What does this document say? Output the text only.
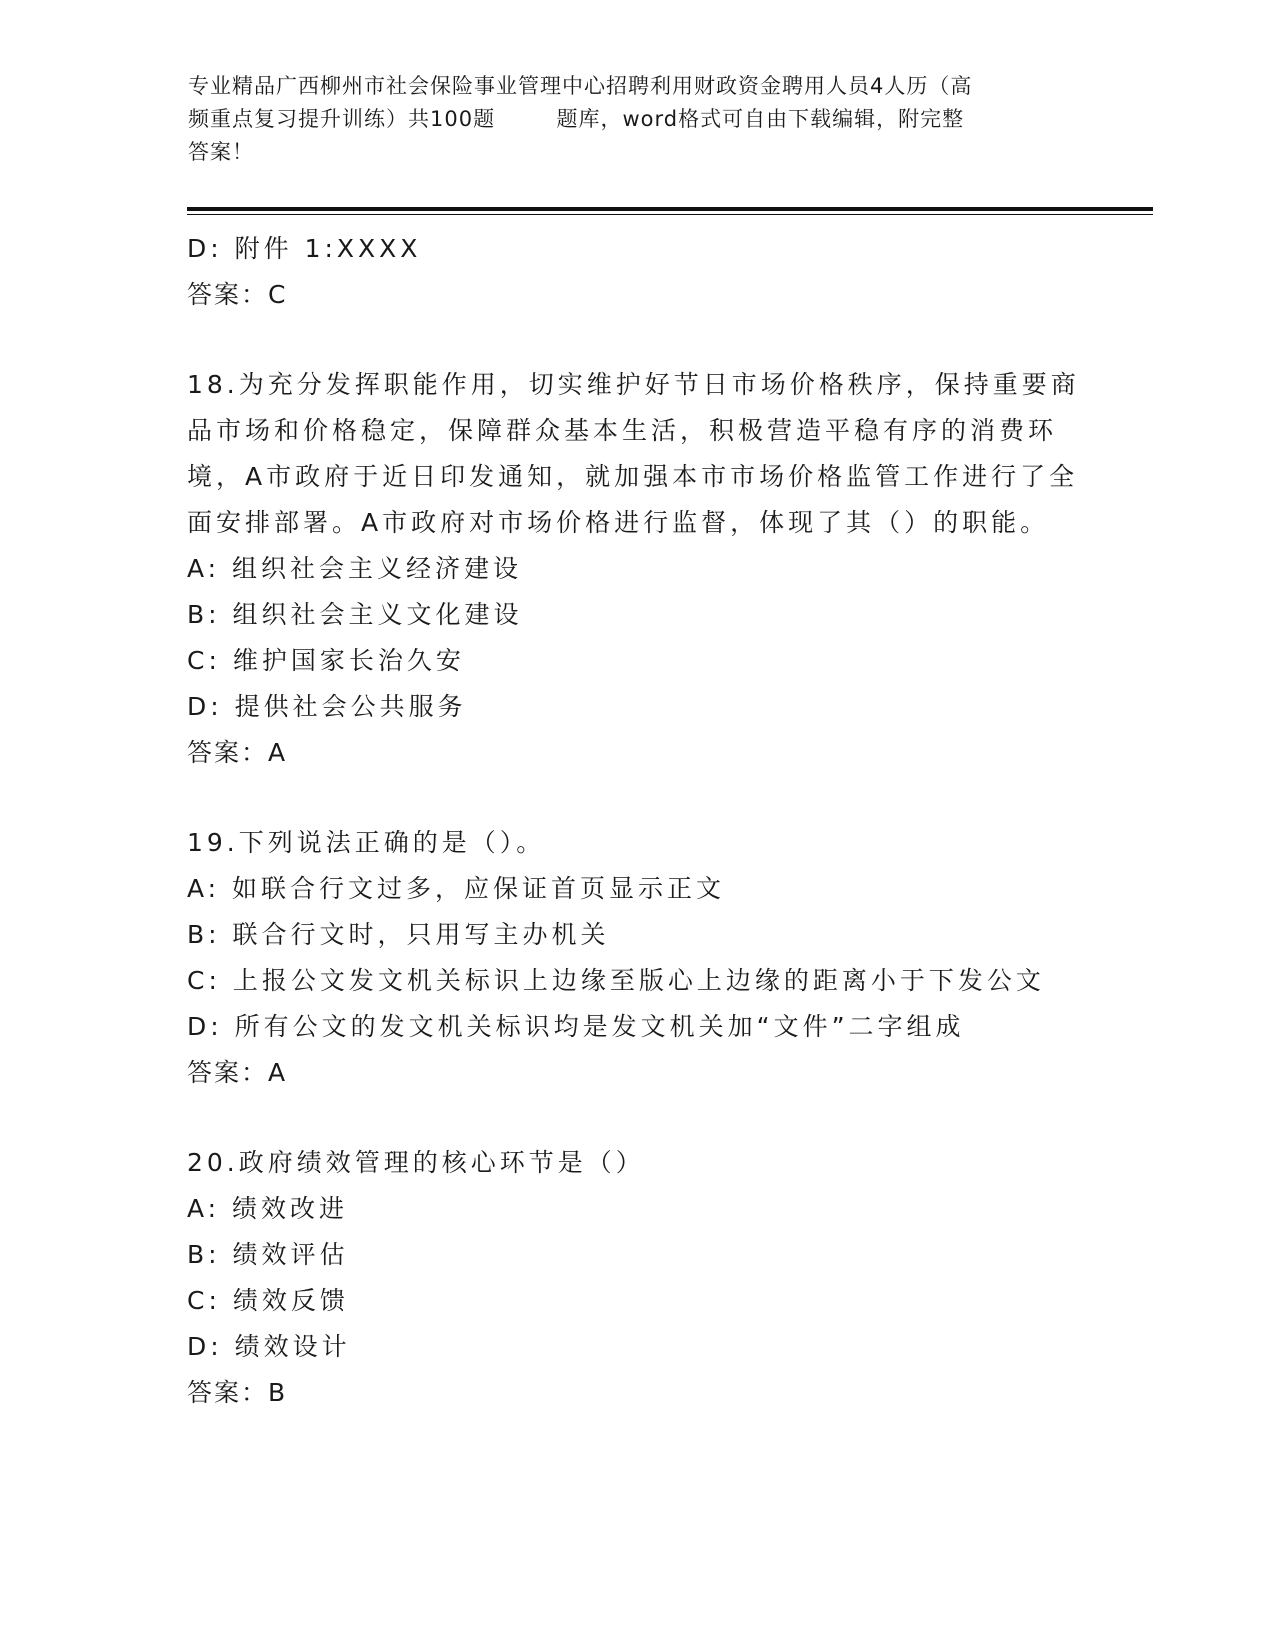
专业精品广西柳州市社会保险事业管理中心招聘利用财政资金聘用人员4人历（高
频重点复习提升训练）共100题        题库，word格式可自由下载编辑，附完整
答案！
D: 附件 1:XXXX
答案：C
18.为充分发挥职能作用，切实维护好节日市场价格秩序，保持重要商
品市场和价格稳定，保障群众基本生活，积极营造平稳有序的消费环
境，A市政府于近日印发通知，就加强本市市场价格监管工作进行了全
面安排部署。A市政府对市场价格进行监督，体现了其（）的职能。
A: 组织社会主义经济建设
B: 组织社会主义文化建设
C: 维护国家长治久安
D: 提供社会公共服务
答案：A
19.下列说法正确的是（）。
A: 如联合行文过多，应保证首页显示正文
B: 联合行文时，只用写主办机关
C: 上报公文发文机关标识上边缘至版心上边缘的距离小于下发公文
D: 所有公文的发文机关标识均是发文机关加“文件”二字组成
答案：A
20.政府绩效管理的核心环节是（）
A: 绩效改进
B: 绩效评估
C: 绩效反馈
D: 绩效设计
答案：B
